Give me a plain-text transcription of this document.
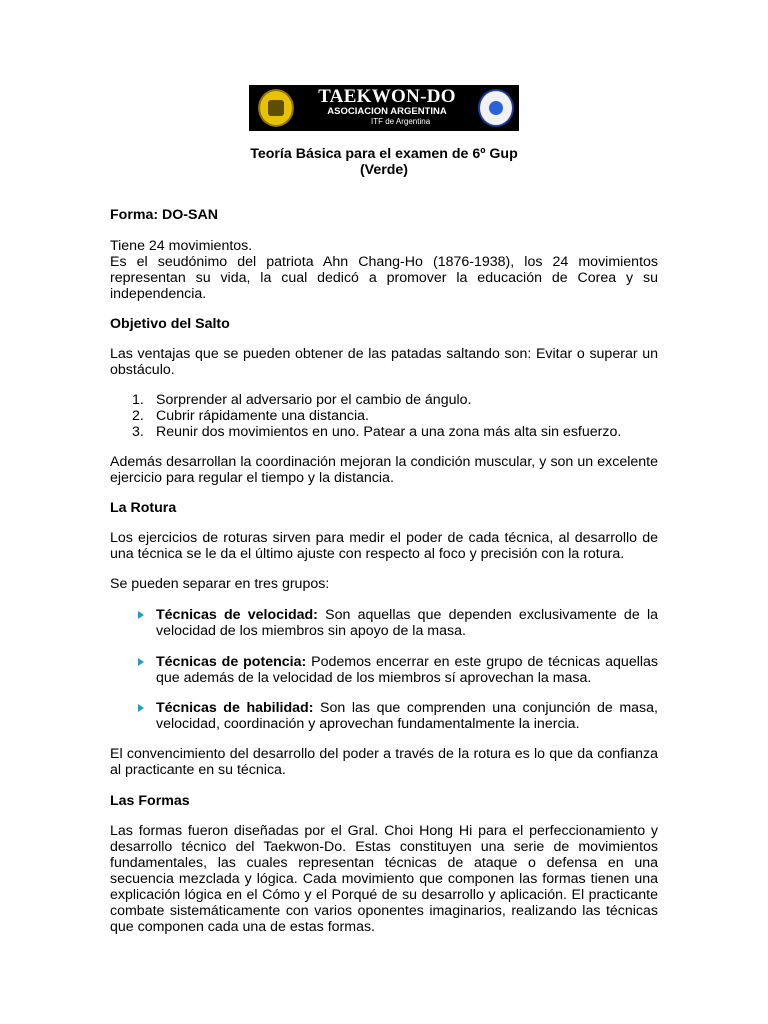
TAEKWON-DO
ASOCIACION ARGENTINA
ITF de Argentina
Teoría Básica para el examen de 6º Gup
(Verde)
Forma: DO-SAN
Tiene 24 movimientos.
Es el seudónimo del patriota Ahn Chang-Ho (1876-1938), los 24 movimientos representan su vida, la cual dedicó a promover la educación de Corea y su independencia.
Objetivo del Salto
Las ventajas que se pueden obtener de las patadas saltando son: Evitar o superar un obstáculo.
1. Sorprender al adversario por el cambio de ángulo.
2. Cubrir rápidamente una distancia.
3. Reunir dos movimientos en uno. Patear a una zona más alta sin esfuerzo.
Además desarrollan la coordinación mejoran la condición muscular, y son un excelente ejercicio para regular el tiempo y la distancia.
La Rotura
Los ejercicios de roturas sirven para medir el poder de cada técnica, al desarrollo de una técnica se le da el último ajuste con respecto al foco y precisión con la rotura.
Se pueden separar en tres grupos:
Técnicas de velocidad: Son aquellas que dependen exclusivamente de la velocidad de los miembros sin apoyo de la masa.
Técnicas de potencia: Podemos encerrar en este grupo de técnicas aquellas que además de la velocidad de los miembros sí aprovechan la masa.
Técnicas de habilidad: Son las que comprenden una conjunción de masa, velocidad, coordinación y aprovechan fundamentalmente la inercia.
El convencimiento del desarrollo del poder a través de la rotura es lo que da confianza al practicante en su técnica.
Las Formas
Las formas fueron diseñadas por el Gral. Choi Hong Hi para el perfeccionamiento y desarrollo técnico del Taekwon-Do. Estas constituyen una serie de movimientos fundamentales, las cuales representan técnicas de ataque o defensa en una secuencia mezclada y lógica. Cada movimiento que componen las formas tienen una explicación lógica en el Cómo y el Porqué de su desarrollo y aplicación. El practicante combate sistemáticamente con varios oponentes imaginarios, realizando las técnicas que componen cada una de estas formas.
